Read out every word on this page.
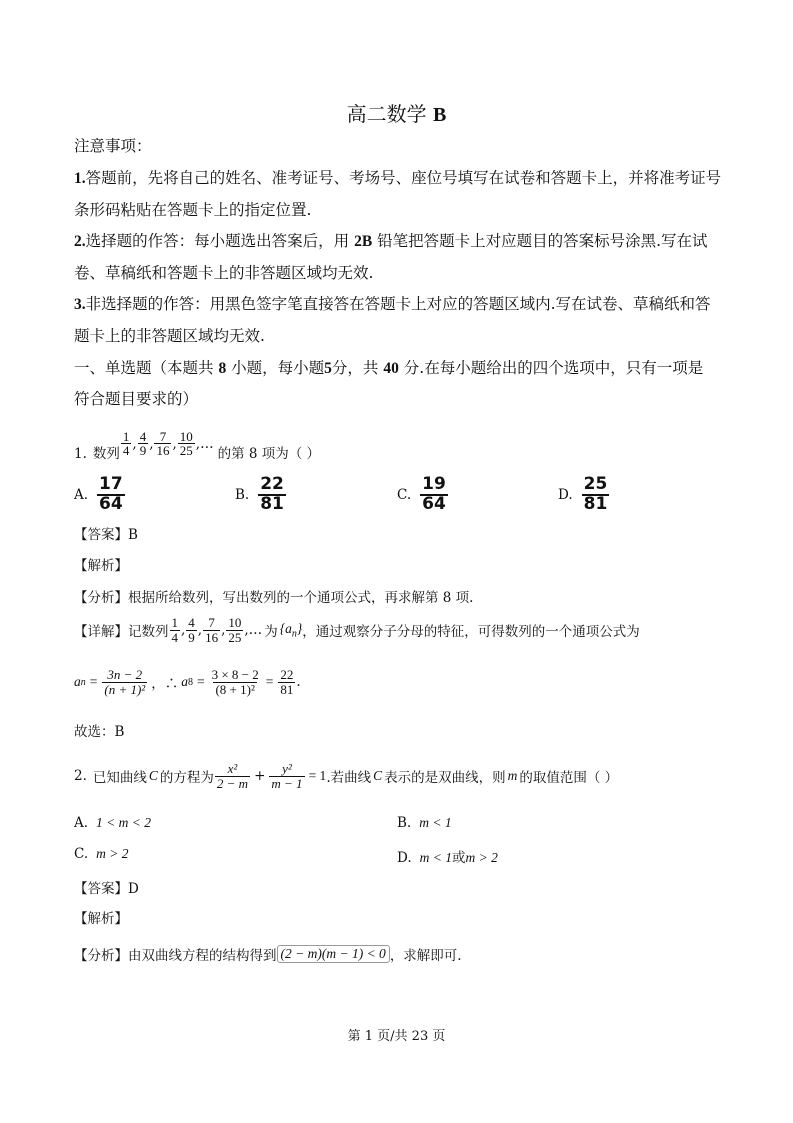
高二数学 B
注意事项：
1.答题前，先将自己的姓名、准考证号、考场号、座位号填写在试卷和答题卡上，并将准考证号
条形码粘贴在答题卡上的指定位置.
2.选择题的作答：每小题选出答案后，用 2B 铅笔把答题卡上对应题目的答案标号涂黑.写在试
卷、草稿纸和答题卡上的非答题区域均无效.
3.非选择题的作答：用黑色签字笔直接答在答题卡上对应的答题区域内.写在试卷、草稿纸和答
题卡上的非答题区域均无效.
一、单选题（本题共 8 小题，每小题5分，共 40 分.在每小题给出的四个选项中，只有一项是
符合题目要求的）
1. 数列 $\frac{1}{4}$ , $\frac{4}{9}$ , $\frac{7}{16}$ , $\frac{10}{25}$ ,…
的第 8 项为（ ）
A. $\frac{17}{64}$	B. $\frac{22}{81}$	C. $\frac{19}{64}$	D. $\frac{25}{81}$
【答案】B
【解析】
【分析】根据所给数列，写出数列的一个通项公式，再求解第 8 项.
【详解】记数列 $\frac{1}{4}$ , $\frac{4}{9}$ , $\frac{7}{16}$ , $\frac{10}{25}$ ,… 为 $\{a_n\}$ ，通过观察分子分母的特征，可得数列的一个通项公式为
a $n = \frac{3n - 2}{\text{(n + 1)²}}$ ，∴ a $8 = \frac{3 \times 8 - 2}{\text{(8 + 1)²}} = \frac{22}{81}$ .
故选：B
2. 已知曲线 C 的方程为 $\frac{\text{x²}}{2 - m} + \frac{\text{y²}}{m - 1} = 1$ .若曲线 C 表示的是双曲线，则 m 的取值范围（ ）
A. 1 < m < 2	B. m < 1
C. m > 2	D. m < 1或m > 2
【答案】D
【解析】
【分析】由双曲线方程的结构得到 (2 − m)(m − 1) < 0 ，求解即可.
第 1 页/共 23 页
